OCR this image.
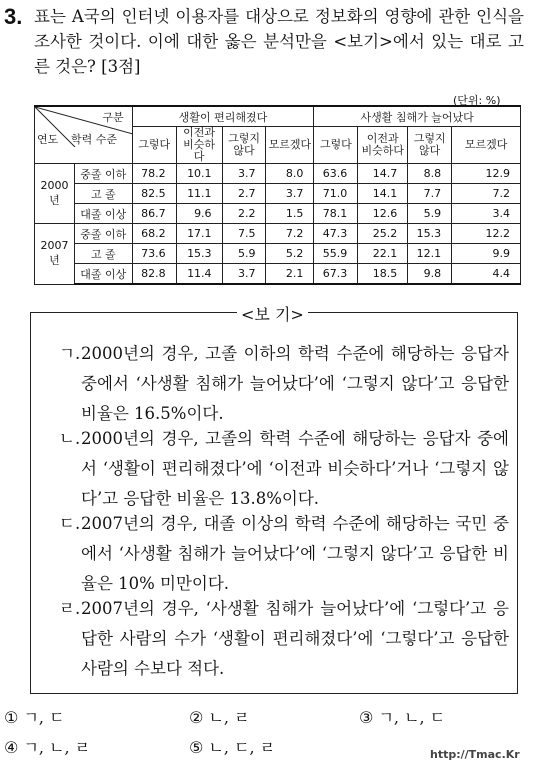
3. 표는 A국의 인터넷 이용자를 대상으로 정보화의 영향에 관한 인식을 조사한 것이다. 이에 대한 옳은 분석만을 <보기>에서 있는 대로 고른 것은? [3점]
(단위: %)
구분
학력 수준
연도		생활이 편리해졌다				사생활 침해가 늘어났다			
		그렇다	이전과 비슷하다	그렇지 않다	모르겠다	그렇다	이전과 비슷하다	그렇지 않다	모르겠다
2000년	중졸 이하	78.2	10.1	3.7	8.0	63.6	14.7	8.8	12.9
	고 졸	82.5	11.1	2.7	3.7	71.0	14.1	7.7	7.2
	대졸 이상	86.7	9.6	2.2	1.5	78.1	12.6	5.9	3.4
2007년	중졸 이하	68.2	17.1	7.5	7.2	47.3	25.2	15.3	12.2
	고 졸	73.6	15.3	5.9	5.2	55.9	22.1	12.1	9.9
	대졸 이상	82.8	11.4	3.7	2.1	67.3	18.5	9.8	4.4
<보 기>
ㄱ. 2000년의 경우, 고졸 이하의 학력 수준에 해당하는 응답자 중에서 ‘사생활 침해가 늘어났다’에 ‘그렇지 않다’고 응답한 비율은 16.5%이다.
ㄴ. 2000년의 경우, 고졸의 학력 수준에 해당하는 응답자 중에서 ‘생활이 편리해졌다’에 ‘이전과 비슷하다’거나 ‘그렇지 않다’고 응답한 비율은 13.8%이다.
ㄷ. 2007년의 경우, 대졸 이상의 학력 수준에 해당하는 국민 중에서 ‘사생활 침해가 늘어났다’에 ‘그렇지 않다’고 응답한 비율은 10% 미만이다.
ㄹ. 2007년의 경우, ‘사생활 침해가 늘어났다’에 ‘그렇다’고 응답한 사람의 수가 ‘생활이 편리해졌다’에 ‘그렇다’고 응답한 사람의 수보다 적다.
① ㄱ, ㄷ	② ㄴ, ㄹ	③ ㄱ, ㄴ, ㄷ
④ ㄱ, ㄴ, ㄹ	⑤ ㄴ, ㄷ, ㄹ	http://Tmac.Kr
